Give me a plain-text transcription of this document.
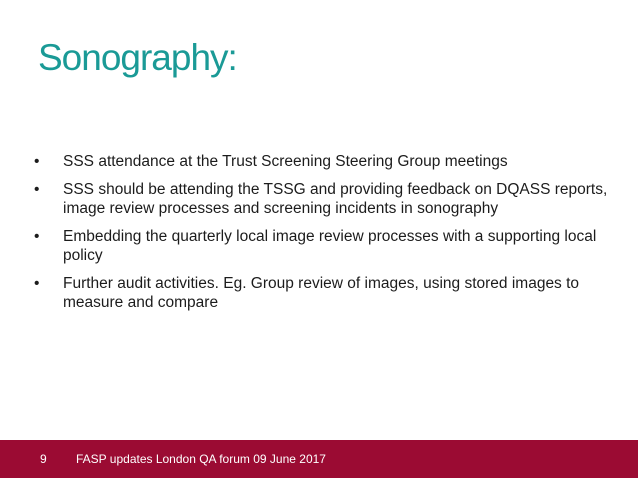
Sonography:
• SSS attendance at the Trust Screening Steering Group meetings
• SSS should be attending the TSSG and providing feedback on DQASS reports, image review processes and screening incidents in sonography
• Embedding the quarterly local image review processes with a supporting local policy
• Further audit activities. Eg. Group review of images, using stored images to measure and compare
9 FASP updates London QA forum 09 June 2017
